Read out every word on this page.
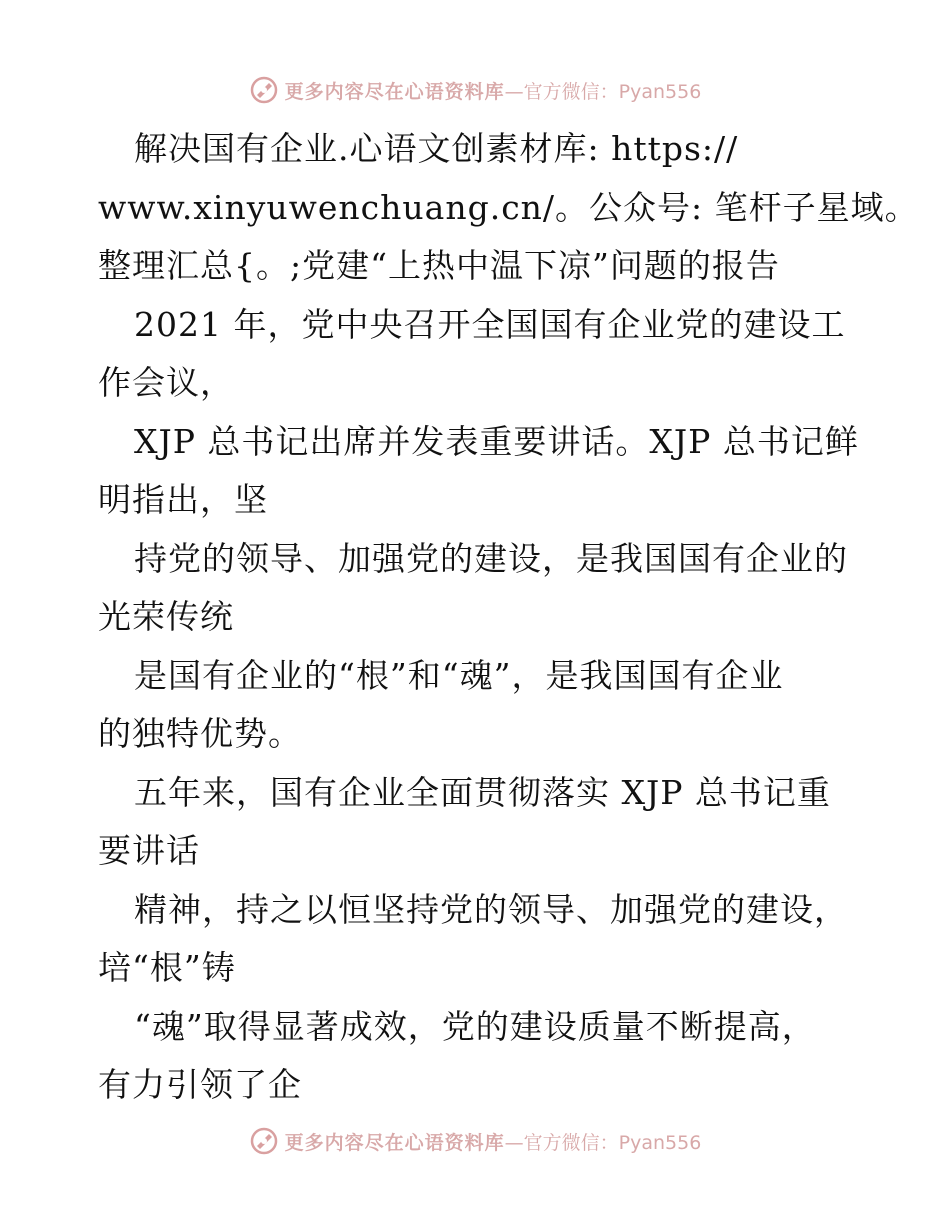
更多内容尽在心语资料库 —官方微信：Pyan556
解决国有企业.心语文创素材库: https://
www.xinyuwenchuang.cn/。公众号: 笔杆子星域。
整理汇总{。;党建“上热中温下凉”问题的报告
2021 年，党中央召开全国国有企业党的建设工
作会议，
XJP 总书记出席并发表重要讲话。XJP 总书记鲜
明指出，坚
持党的领导、加强党的建设，是我国国有企业的
光荣传统
是国有企业的“根”和“魂”，是我国国有企业
的独特优势。
五年来，国有企业全面贯彻落实 XJP 总书记重
要讲话
精神，持之以恒坚持党的领导、加强党的建设，
培“根”铸
“魂”取得显著成效，党的建设质量不断提高，
有力引领了企
更多内容尽在心语资料库 —官方微信：Pyan556
